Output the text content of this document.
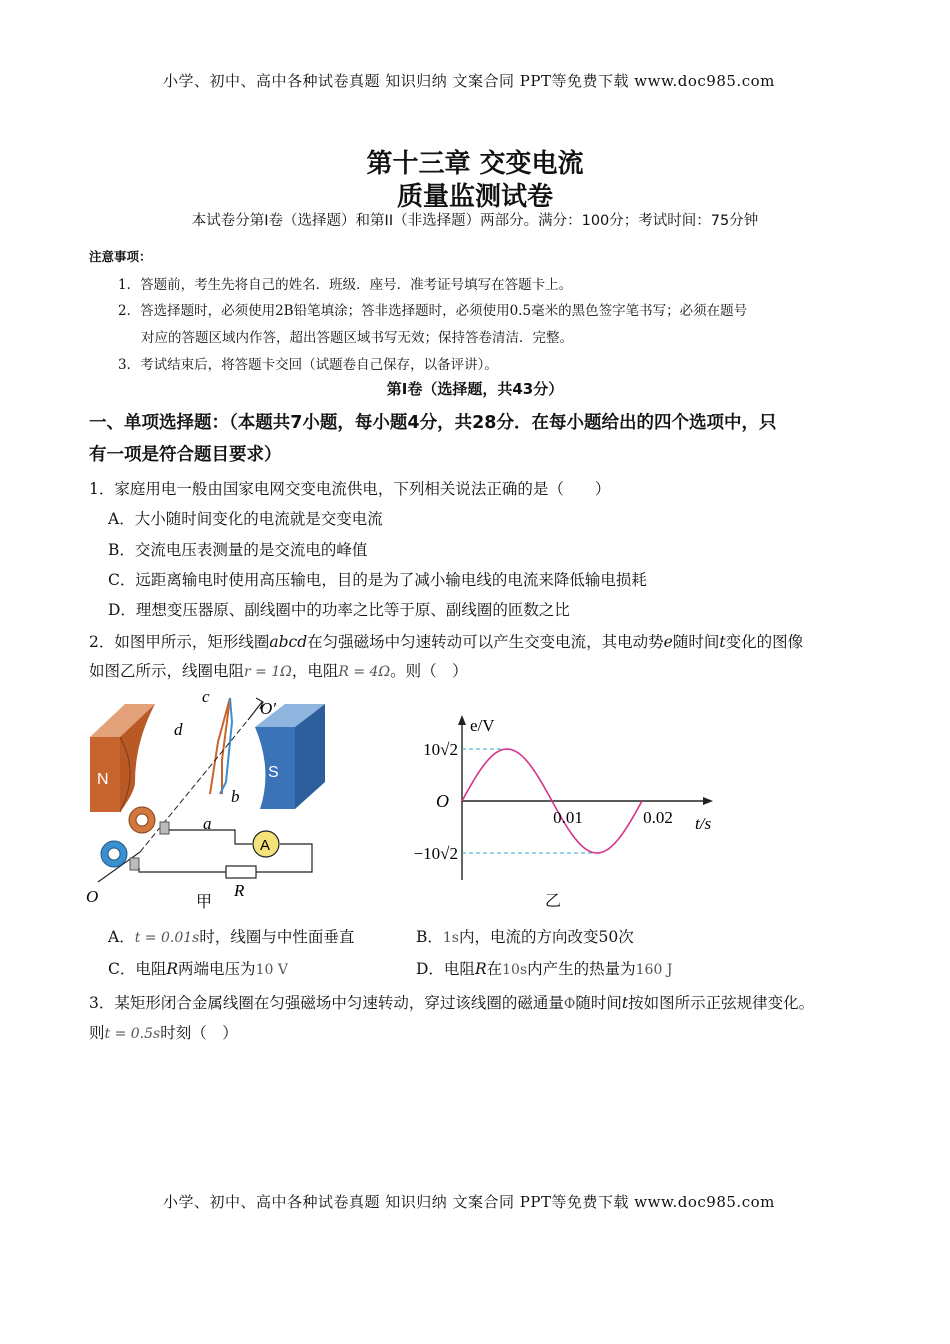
小学、初中、高中各种试卷真题 知识归纳 文案合同 PPT等免费下载 www.doc985.com
小学、初中、高中各种试卷真题 知识归纳 文案合同 PPT等免费下载 www.doc985.com
第十三章 交变电流
质量监测试卷
本试卷分第I卷（选择题）和第II（非选择题）两部分。满分：100分；考试时间：75分钟
注意事项：
1．答题前，考生先将自己的姓名．班级．座号．准考证号填写在答题卡上。
2．答选择题时，必须使用2B铅笔填涂；答非选择题时，必须使用0.5毫米的黑色签字笔书写；必须在题号
对应的答题区域内作答，超出答题区域书写无效；保持答卷清洁．完整。
3．考试结束后，将答题卡交回（试题卷自己保存，以备评讲）。
第Ⅰ卷（选择题，共43分）
一、单项选择题：（本题共7小题，每小题4分，共28分．在每小题给出的四个选项中，只
有一项是符合题目要求）
1．家庭用电一般由国家电网交变电流供电，下列相关说法正确的是（　　）
A．大小随时间变化的电流就是交变电流
B．交流电压表测量的是交流电的峰值
C．远距离输电时使用高压输电，目的是为了减小输电线的电流来降低输电损耗
D．理想变压器原、副线圈中的功率之比等于原、副线圈的匝数之比
2．如图甲所示，矩形线圈abcd在匀强磁场中匀速转动可以产生交变电流，其电动势e随时间t变化的图像
如图乙所示，线圈电阻r = 1Ω，电阻R = 4Ω。则（　）
N	S
A
c
d
b
a
O′
O	R
甲
e/V
t/s
O
10√2
−10√2
0.01	0.02
乙
A．t = 0.01s时，线圈与中性面垂直	B．1s内，电流的方向改变50次
C．电阻R两端电压为10 V	D．电阻R在10s内产生的热量为160 J
3．某矩形闭合金属线圈在匀强磁场中匀速转动，穿过该线圈的磁通量Φ随时间t按如图所示正弦规律变化。
则t = 0.5s时刻（　）
